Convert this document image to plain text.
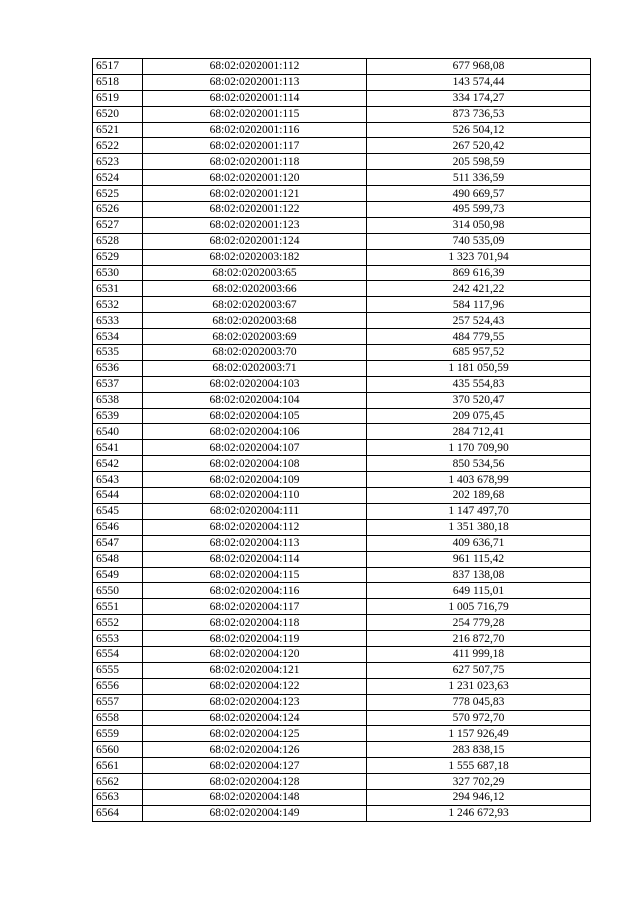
6517	68:02:0202001:112	677 968,08
6518	68:02:0202001:113	143 574,44
6519	68:02:0202001:114	334 174,27
6520	68:02:0202001:115	873 736,53
6521	68:02:0202001:116	526 504,12
6522	68:02:0202001:117	267 520,42
6523	68:02:0202001:118	205 598,59
6524	68:02:0202001:120	511 336,59
6525	68:02:0202001:121	490 669,57
6526	68:02:0202001:122	495 599,73
6527	68:02:0202001:123	314 050,98
6528	68:02:0202001:124	740 535,09
6529	68:02:0202003:182	1 323 701,94
6530	68:02:0202003:65	869 616,39
6531	68:02:0202003:66	242 421,22
6532	68:02:0202003:67	584 117,96
6533	68:02:0202003:68	257 524,43
6534	68:02:0202003:69	484 779,55
6535	68:02:0202003:70	685 957,52
6536	68:02:0202003:71	1 181 050,59
6537	68:02:0202004:103	435 554,83
6538	68:02:0202004:104	370 520,47
6539	68:02:0202004:105	209 075,45
6540	68:02:0202004:106	284 712,41
6541	68:02:0202004:107	1 170 709,90
6542	68:02:0202004:108	850 534,56
6543	68:02:0202004:109	1 403 678,99
6544	68:02:0202004:110	202 189,68
6545	68:02:0202004:111	1 147 497,70
6546	68:02:0202004:112	1 351 380,18
6547	68:02:0202004:113	409 636,71
6548	68:02:0202004:114	961 115,42
6549	68:02:0202004:115	837 138,08
6550	68:02:0202004:116	649 115,01
6551	68:02:0202004:117	1 005 716,79
6552	68:02:0202004:118	254 779,28
6553	68:02:0202004:119	216 872,70
6554	68:02:0202004:120	411 999,18
6555	68:02:0202004:121	627 507,75
6556	68:02:0202004:122	1 231 023,63
6557	68:02:0202004:123	778 045,83
6558	68:02:0202004:124	570 972,70
6559	68:02:0202004:125	1 157 926,49
6560	68:02:0202004:126	283 838,15
6561	68:02:0202004:127	1 555 687,18
6562	68:02:0202004:128	327 702,29
6563	68:02:0202004:148	294 946,12
6564	68:02:0202004:149	1 246 672,93
